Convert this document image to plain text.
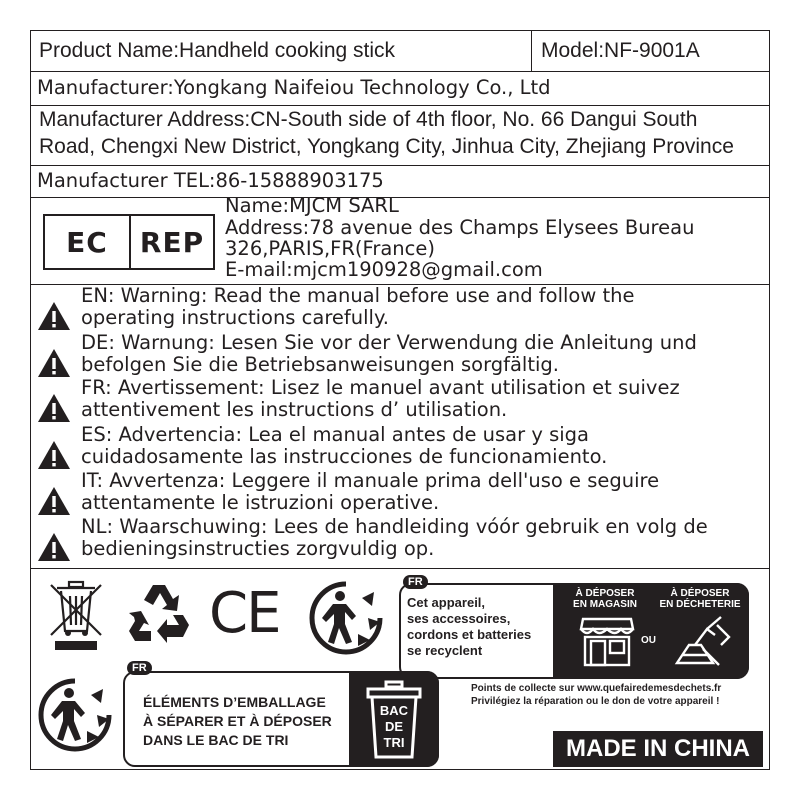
Product Name:Handheld cooking stick	Model:NF-9001A
Manufacturer:Yongkang Naifeiou Technology Co., Ltd
Manufacturer Address:CN-South side of 4th floor, No. 66 Dangui South
Road, Chengxi New District, Yongkang City, Jinhua City, Zhejiang Province
Manufacturer TEL:86-15888903175
EC	REP
Name:MJCM SARL
Address:78 avenue des Champs Elysees Bureau
326,PARIS,FR(France)
E-mail:mjcm190928@gmail.com
EN: Warning: Read the manual before use and follow the
operating instructions carefully.
DE: Warnung: Lesen Sie vor der Verwendung die Anleitung und
befolgen Sie die Betriebsanweisungen sorgfältig.
FR: Avertissement: Lisez le manuel avant utilisation et suivez
attentivement les instructions d’ utilisation.
ES: Advertencia: Lea el manual antes de usar y siga
cuidadosamente las instrucciones de funcionamiento.
IT: Avvertenza: Leggere il manuale prima dell'uso e seguire
attentamente le istruzioni operative.
NL: Waarschuwing: Lees de handleiding vóór gebruik en volg de
bedieningsinstructies zorgvuldig op.
CE	FR
Cet appareil,
ses accessoires,
cordons et batteries
se recyclent
À DÉPOSER
EN MAGASIN
À DÉPOSER
EN DÉCHETERIE
OU
FR
ÉLÉMENTS D’EMBALLAGE
À SÉPARER ET À DÉPOSER
DANS LE BAC DE TRI
BAC
DE
TRI
Points de collecte sur www.quefairedemesdechets.fr
Privilégiez la réparation ou le don de votre appareil !
MADE IN CHINA
